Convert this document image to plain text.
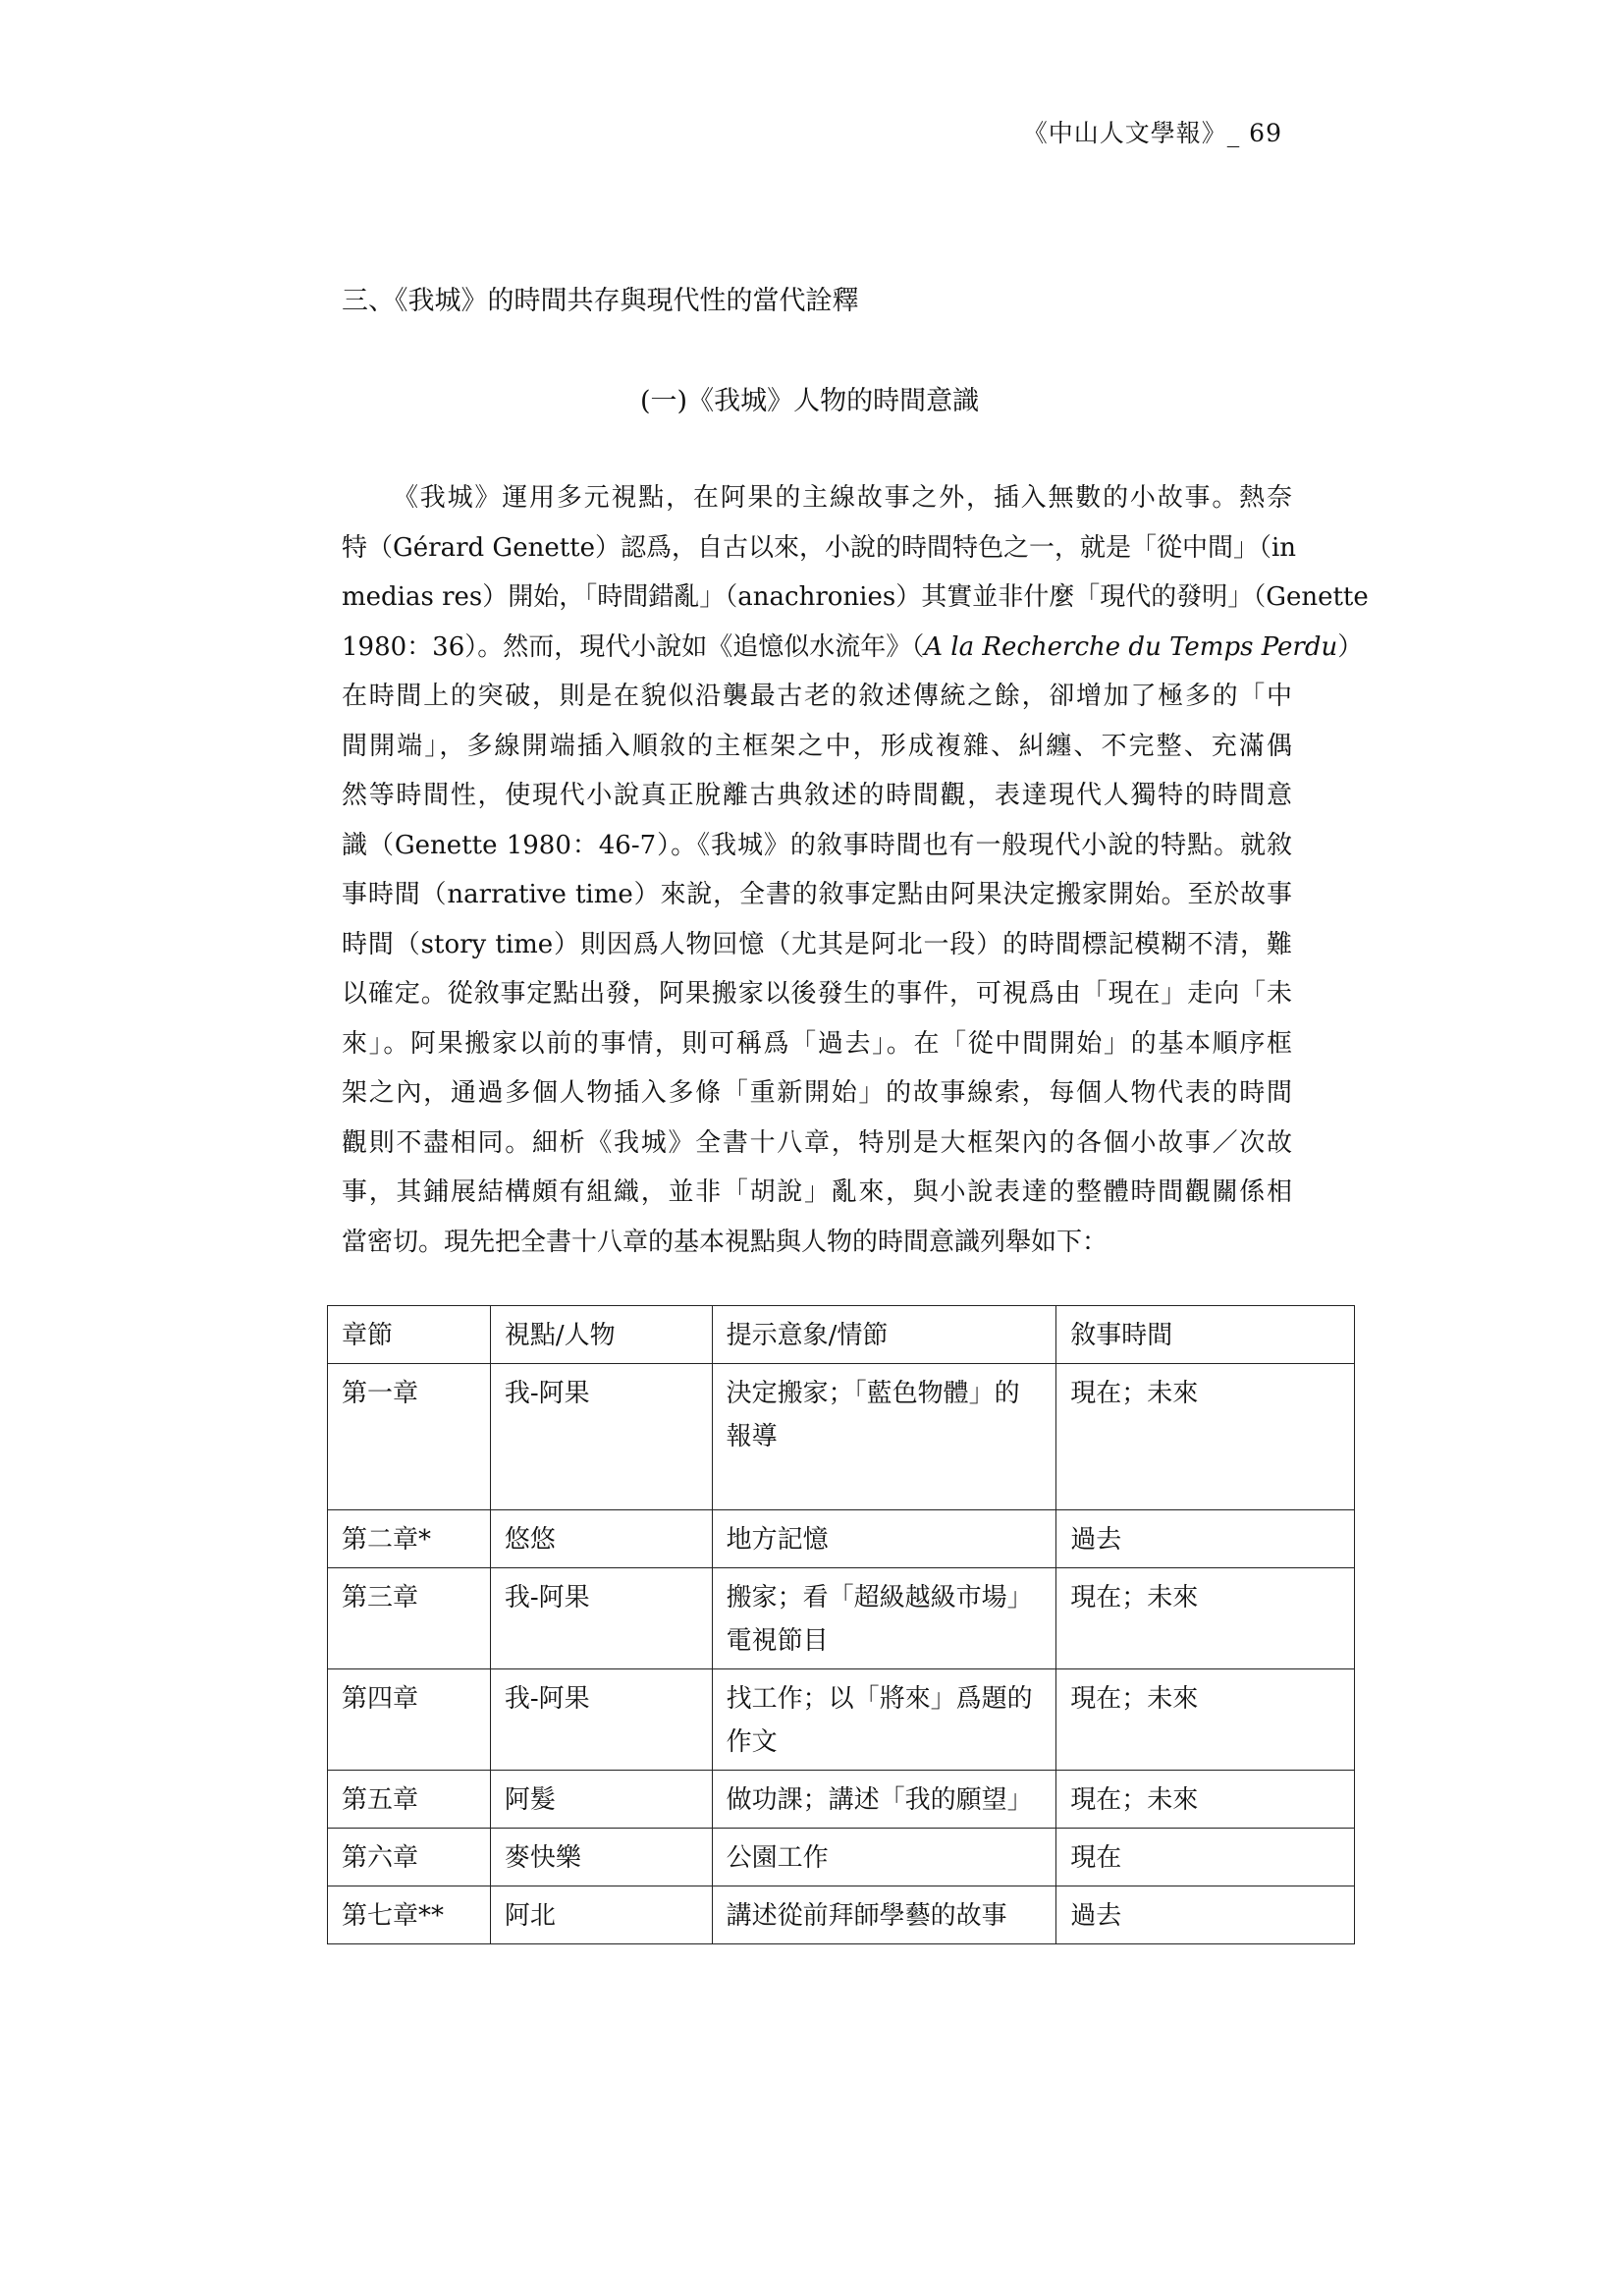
《中山人文學報》_ 69
三、《我城》的時間共存與現代性的當代詮釋
(一)《我城》人物的時間意識
《我城》運用多元視點，在阿果的主線故事之外，插入無數的小故事。熱奈
特（Gérard Genette）認爲，自古以來，小說的時間特色之一，就是「從中間」（in
medias res）開始，「時間錯亂」（anachronies）其實並非什麼「現代的發明」（Genette
1980：36）。然而，現代小說如《追憶似水流年》（A la Recherche du Temps Perdu）
在時間上的突破，則是在貌似沿襲最古老的敘述傳統之餘，卻增加了極多的「中
間開端」，多線開端插入順敘的主框架之中，形成複雜、糾纏、不完整、充滿偶
然等時間性，使現代小說真正脫離古典敘述的時間觀，表達現代人獨特的時間意
識（Genette 1980：46-7）。《我城》的敘事時間也有一般現代小說的特點。就敘
事時間（narrative time）來說，全書的敘事定點由阿果決定搬家開始。至於故事
時間（story time）則因爲人物回憶（尤其是阿北一段）的時間標記模糊不清，難
以確定。從敘事定點出發，阿果搬家以後發生的事件，可視爲由「現在」走向「未
來」。阿果搬家以前的事情，則可稱爲「過去」。在「從中間開始」的基本順序框
架之內，通過多個人物插入多條「重新開始」的故事線索，每個人物代表的時間
觀則不盡相同。細析《我城》全書十八章，特別是大框架內的各個小故事／次故
事，其鋪展結構頗有組織，並非「胡說」亂來，與小說表達的整體時間觀關係相
當密切。現先把全書十八章的基本視點與人物的時間意識列舉如下：
章節	視點/人物	提示意象/情節	敘事時間
第一章	我-阿果	決定搬家；「藍色物體」的報導	現在；未來
第二章*	悠悠	地方記憶	過去
第三章	我-阿果	搬家；看「超級越級市場」電視節目	現在；未來
第四章	我-阿果	找工作；以「將來」爲題的作文	現在；未來
第五章	阿髮	做功課；講述「我的願望」	現在；未來
第六章	麥快樂	公園工作	現在
第七章**	阿北	講述從前拜師學藝的故事	過去
